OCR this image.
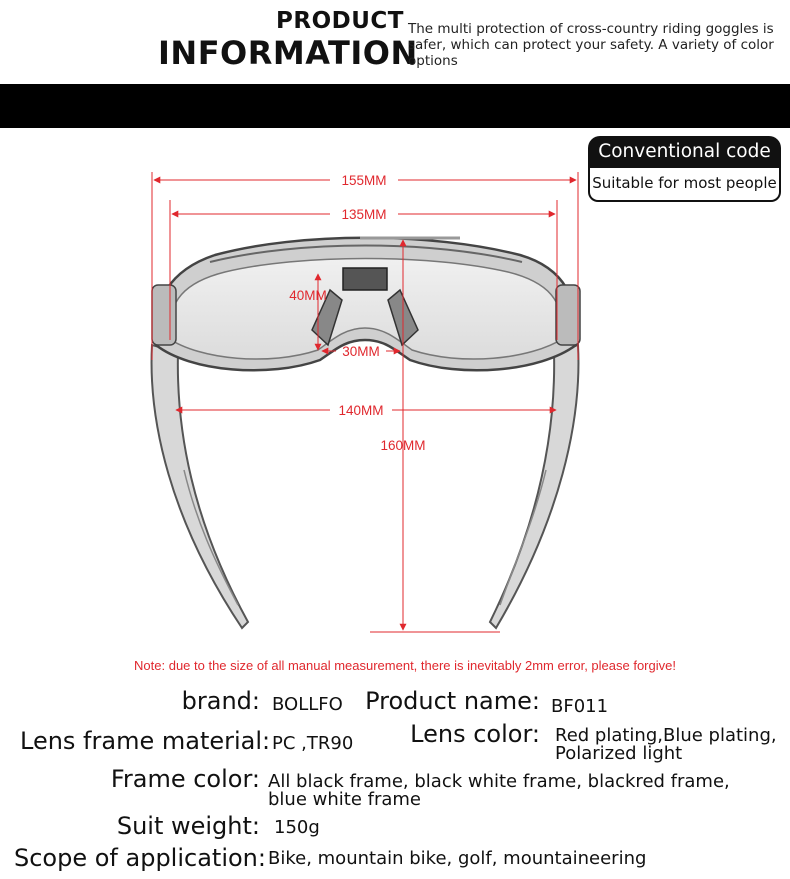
PRODUCT
INFORMATION
The multi protection of cross-country riding goggles is safer, which can protect your safety. A variety of color options
Conventional code
Suitable for most people
155MM
135MM
40MM
30MM
140MM
160MM
Note: due to the size of all manual measurement, there is inevitably 2mm error, please forgive!
brand: BOLLFO Product name: BF011
Lens frame material: PC ,TR90	Lens color: Red plating,Blue plating, Polarized light
Frame color: All black frame, black white frame, blackred frame, blue white frame
Suit weight: 150g
Scope of application: Bike, mountain bike, golf, mountaineering
